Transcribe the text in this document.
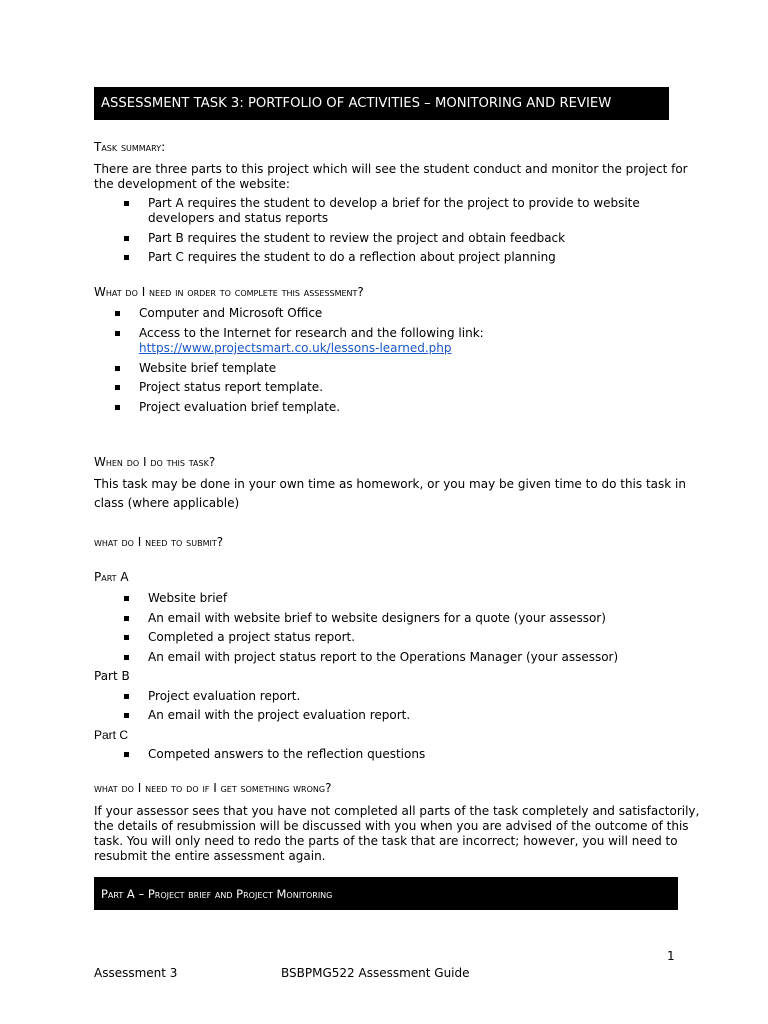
ASSESSMENT TASK 3: PORTFOLIO OF ACTIVITIES – MONITORING AND REVIEW
Task summary:
There are three parts to this project which will see the student conduct and monitor the project for
the development of the website:
Part A requires the student to develop a brief for the project to provide to website
developers and status reports
Part B requires the student to review the project and obtain feedback
Part C requires the student to do a reflection about project planning
What do I need in order to complete this assessment?
Computer and Microsoft Office
Access to the Internet for research and the following link:
https://www.projectsmart.co.uk/lessons-learned.php
Website brief template
Project status report template.
Project evaluation brief template.
When do I do this task?
This task may be done in your own time as homework, or you may be given time to do this task in
class (where applicable)
what do I need to submit?
Part A
Website brief
An email with website brief to website designers for a quote (your assessor)
Completed a project status report.
An email with project status report to the Operations Manager (your assessor)
Part B
Project evaluation report.
An email with the project evaluation report.
Part C
Competed answers to the reflection questions
what do I need to do if I get something wrong?
If your assessor sees that you have not completed all parts of the task completely and satisfactorily,
the details of resubmission will be discussed with you when you are advised of the outcome of this
task. You will only need to redo the parts of the task that are incorrect; however, you will need to
resubmit the entire assessment again.
Part A – Project brief and Project Monitoring
1
Assessment 3	BSBPMG522 Assessment Guide
